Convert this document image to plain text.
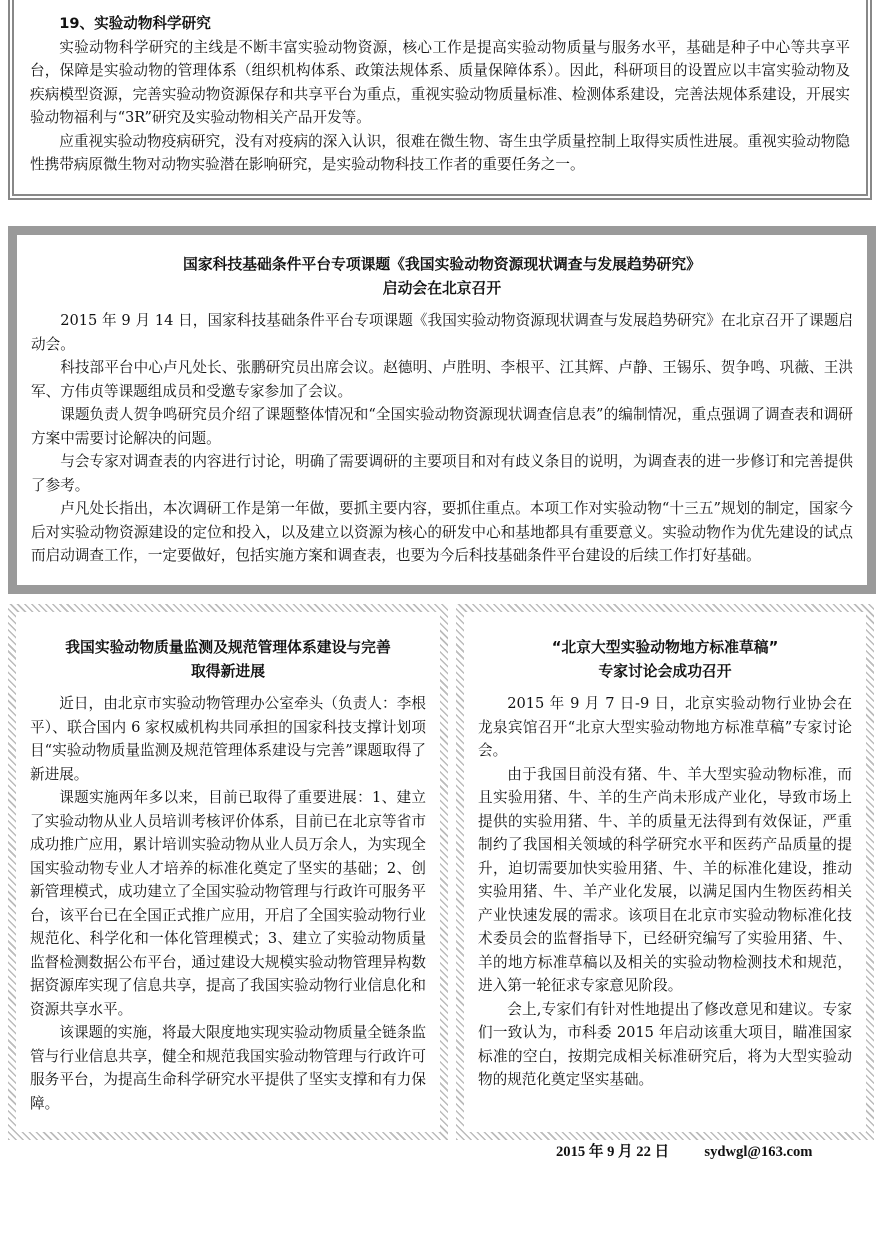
19、实验动物科学研究

实验动物科学研究的主线是不断丰富实验动物资源，核心工作是提高实验动物质量与服务水平，基础是种子中心等共享平台，保障是实验动物的管理体系（组织机构体系、政策法规体系、质量保障体系）。因此，科研项目的设置应以丰富实验动物及疾病模型资源，完善实验动物资源保存和共享平台为重点，重视实验动物质量标准、检测体系建设，完善法规体系建设，开展实验动物福利与“3R”研究及实验动物相关产品开发等。

应重视实验动物疫病研究，没有对疫病的深入认识，很难在微生物、寄生虫学质量控制上取得实质性进展。重视实验动物隐性携带病原微生物对动物实验潜在影响研究，是实验动物科技工作者的重要任务之一。

国家科技基础条件平台专项课题《我国实验动物资源现状调查与发展趋势研究》
启动会在北京召开

2015 年 9 月 14 日，国家科技基础条件平台专项课题《我国实验动物资源现状调查与发展趋势研究》在北京召开了课题启动会。

科技部平台中心卢凡处长、张鹏研究员出席会议。赵德明、卢胜明、李根平、江其辉、卢静、王锡乐、贺争鸣、巩薇、王洪军、方伟贞等课题组成员和受邀专家参加了会议。

课题负责人贺争鸣研究员介绍了课题整体情况和“全国实验动物资源现状调查信息表”的编制情况，重点强调了调查表和调研方案中需要讨论解决的问题。

与会专家对调查表的内容进行讨论，明确了需要调研的主要项目和对有歧义条目的说明，为调查表的进一步修订和完善提供了参考。

卢凡处长指出，本次调研工作是第一年做，要抓主要内容，要抓住重点。本项工作对实验动物“十三五”规划的制定，国家今后对实验动物资源建设的定位和投入，以及建立以资源为核心的研发中心和基地都具有重要意义。实验动物作为优先建设的试点而启动调查工作，一定要做好，包括实施方案和调查表，也要为今后科技基础条件平台建设的后续工作打好基础。

我国实验动物质量监测及规范管理体系建设与完善
取得新进展

近日，由北京市实验动物管理办公室牵头（负责人：李根平）、联合国内 6 家权威机构共同承担的国家科技支撑计划项目“实验动物质量监测及规范管理体系建设与完善”课题取得了新进展。

课题实施两年多以来，目前已取得了重要进展：1、建立了实验动物从业人员培训考核评价体系，目前已在北京等省市成功推广应用，累计培训实验动物从业人员万余人，为实现全国实验动物专业人才培养的标准化奠定了坚实的基础；2、创新管理模式，成功建立了全国实验动物管理与行政许可服务平台，该平台已在全国正式推广应用，开启了全国实验动物行业规范化、科学化和一体化管理模式；3、建立了实验动物质量监督检测数据公布平台，通过建设大规模实验动物管理异构数据资源库实现了信息共享，提高了我国实验动物行业信息化和资源共享水平。

该课题的实施，将最大限度地实现实验动物质量全链条监管与行业信息共享，健全和规范我国实验动物管理与行政许可服务平台，为提高生命科学研究水平提供了坚实支撑和有力保障。

“北京大型实验动物地方标准草稿”
专家讨论会成功召开

2015 年 9 月 7 日-9 日，北京实验动物行业协会在龙泉宾馆召开“北京大型实验动物地方标准草稿”专家讨论会。

由于我国目前没有猪、牛、羊大型实验动物标准，而且实验用猪、牛、羊的生产尚未形成产业化，导致市场上提供的实验用猪、牛、羊的质量无法得到有效保证，严重制约了我国相关领域的科学研究水平和医药产品质量的提升，迫切需要加快实验用猪、牛、羊的标准化建设，推动实验用猪、牛、羊产业化发展，以满足国内生物医药相关产业快速发展的需求。该项目在北京市实验动物标准化技术委员会的监督指导下，已经研究编写了实验用猪、牛、羊的地方标准草稿以及相关的实验动物检测技术和规范，进入第一轮征求专家意见阶段。

会上,专家们有针对性地提出了修改意见和建议。专家们一致认为，市科委 2015 年启动该重大项目，瞄准国家标准的空白，按期完成相关标准研究后，将为大型实验动物的规范化奠定坚实基础。

2015 年 9 月 22 日 sydwgl@163.com
